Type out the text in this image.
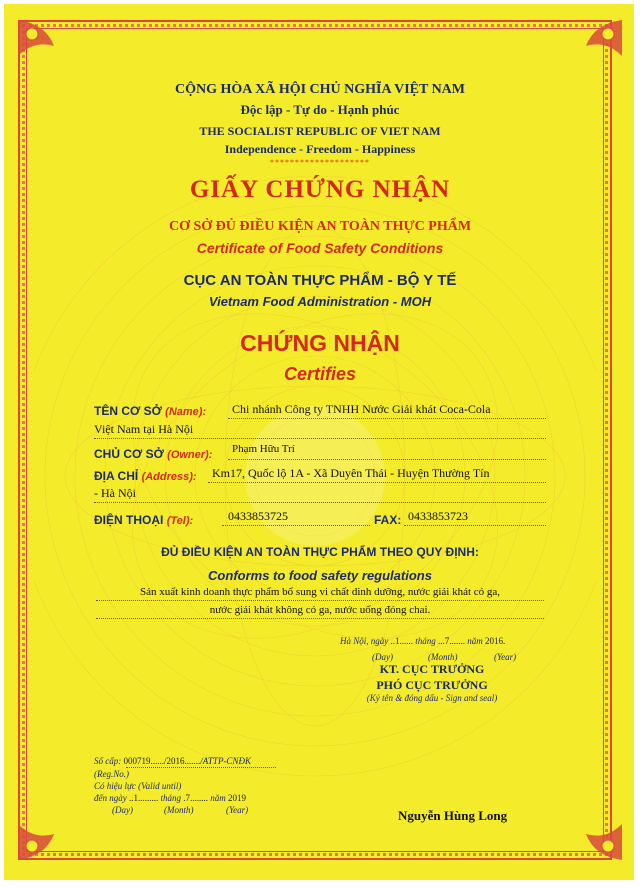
CỘNG HÒA XÃ HỘI CHỦ NGHĨA VIỆT NAM
Độc lập - Tự do - Hạnh phúc
THE SOCIALIST REPUBLIC OF VIET NAM
Independence - Freedom - Happiness
********************
GIẤY CHỨNG NHẬN
CƠ SỞ ĐỦ ĐIỀU KIỆN AN TOÀN THỰC PHẨM
Certificate of Food Safety Conditions
CỤC AN TOÀN THỰC PHẨM - BỘ Y TẾ
Vietnam Food Administration - MOH
CHỨNG NHẬN
Certifies
TÊN CƠ SỞ (Name): Chi nhánh Công ty TNHH Nước Giải khát Coca-Cola
Việt Nam tại Hà Nội
CHỦ CƠ SỞ (Owner): Phạm Hữu Trí
ĐỊA CHỈ (Address): Km17, Quốc lộ 1A - Xã Duyên Thái - Huyện Thường Tín
- Hà Nội
ĐIỆN THOẠI (Tel):	0433853725	FAX: 0433853723
ĐỦ ĐIỀU KIỆN AN TOÀN THỰC PHẨM THEO QUY ĐỊNH:
Conforms to food safety regulations
Sản xuất kinh doanh thực phẩm bổ sung vi chất dinh dưỡng, nước giải khát có ga,
nước giải khát không có ga, nước uống đóng chai.
Hà Nội, ngày ..1...... tháng ...7....... năm 2016.
(Day)	(Month)	(Year)
KT. CỤC TRƯỞNG
PHÓ CỤC TRƯỞNG
(Ký tên & đóng dấu - Sign and seal)
Số cấp: 000719....../2016......./ATTP-CNĐK
(Reg.No.)
Có hiệu lực (Valid until)
đến ngày ..1......... tháng .7........ năm 2019
(Day)	(Month)	(Year)	Nguyễn Hùng Long
